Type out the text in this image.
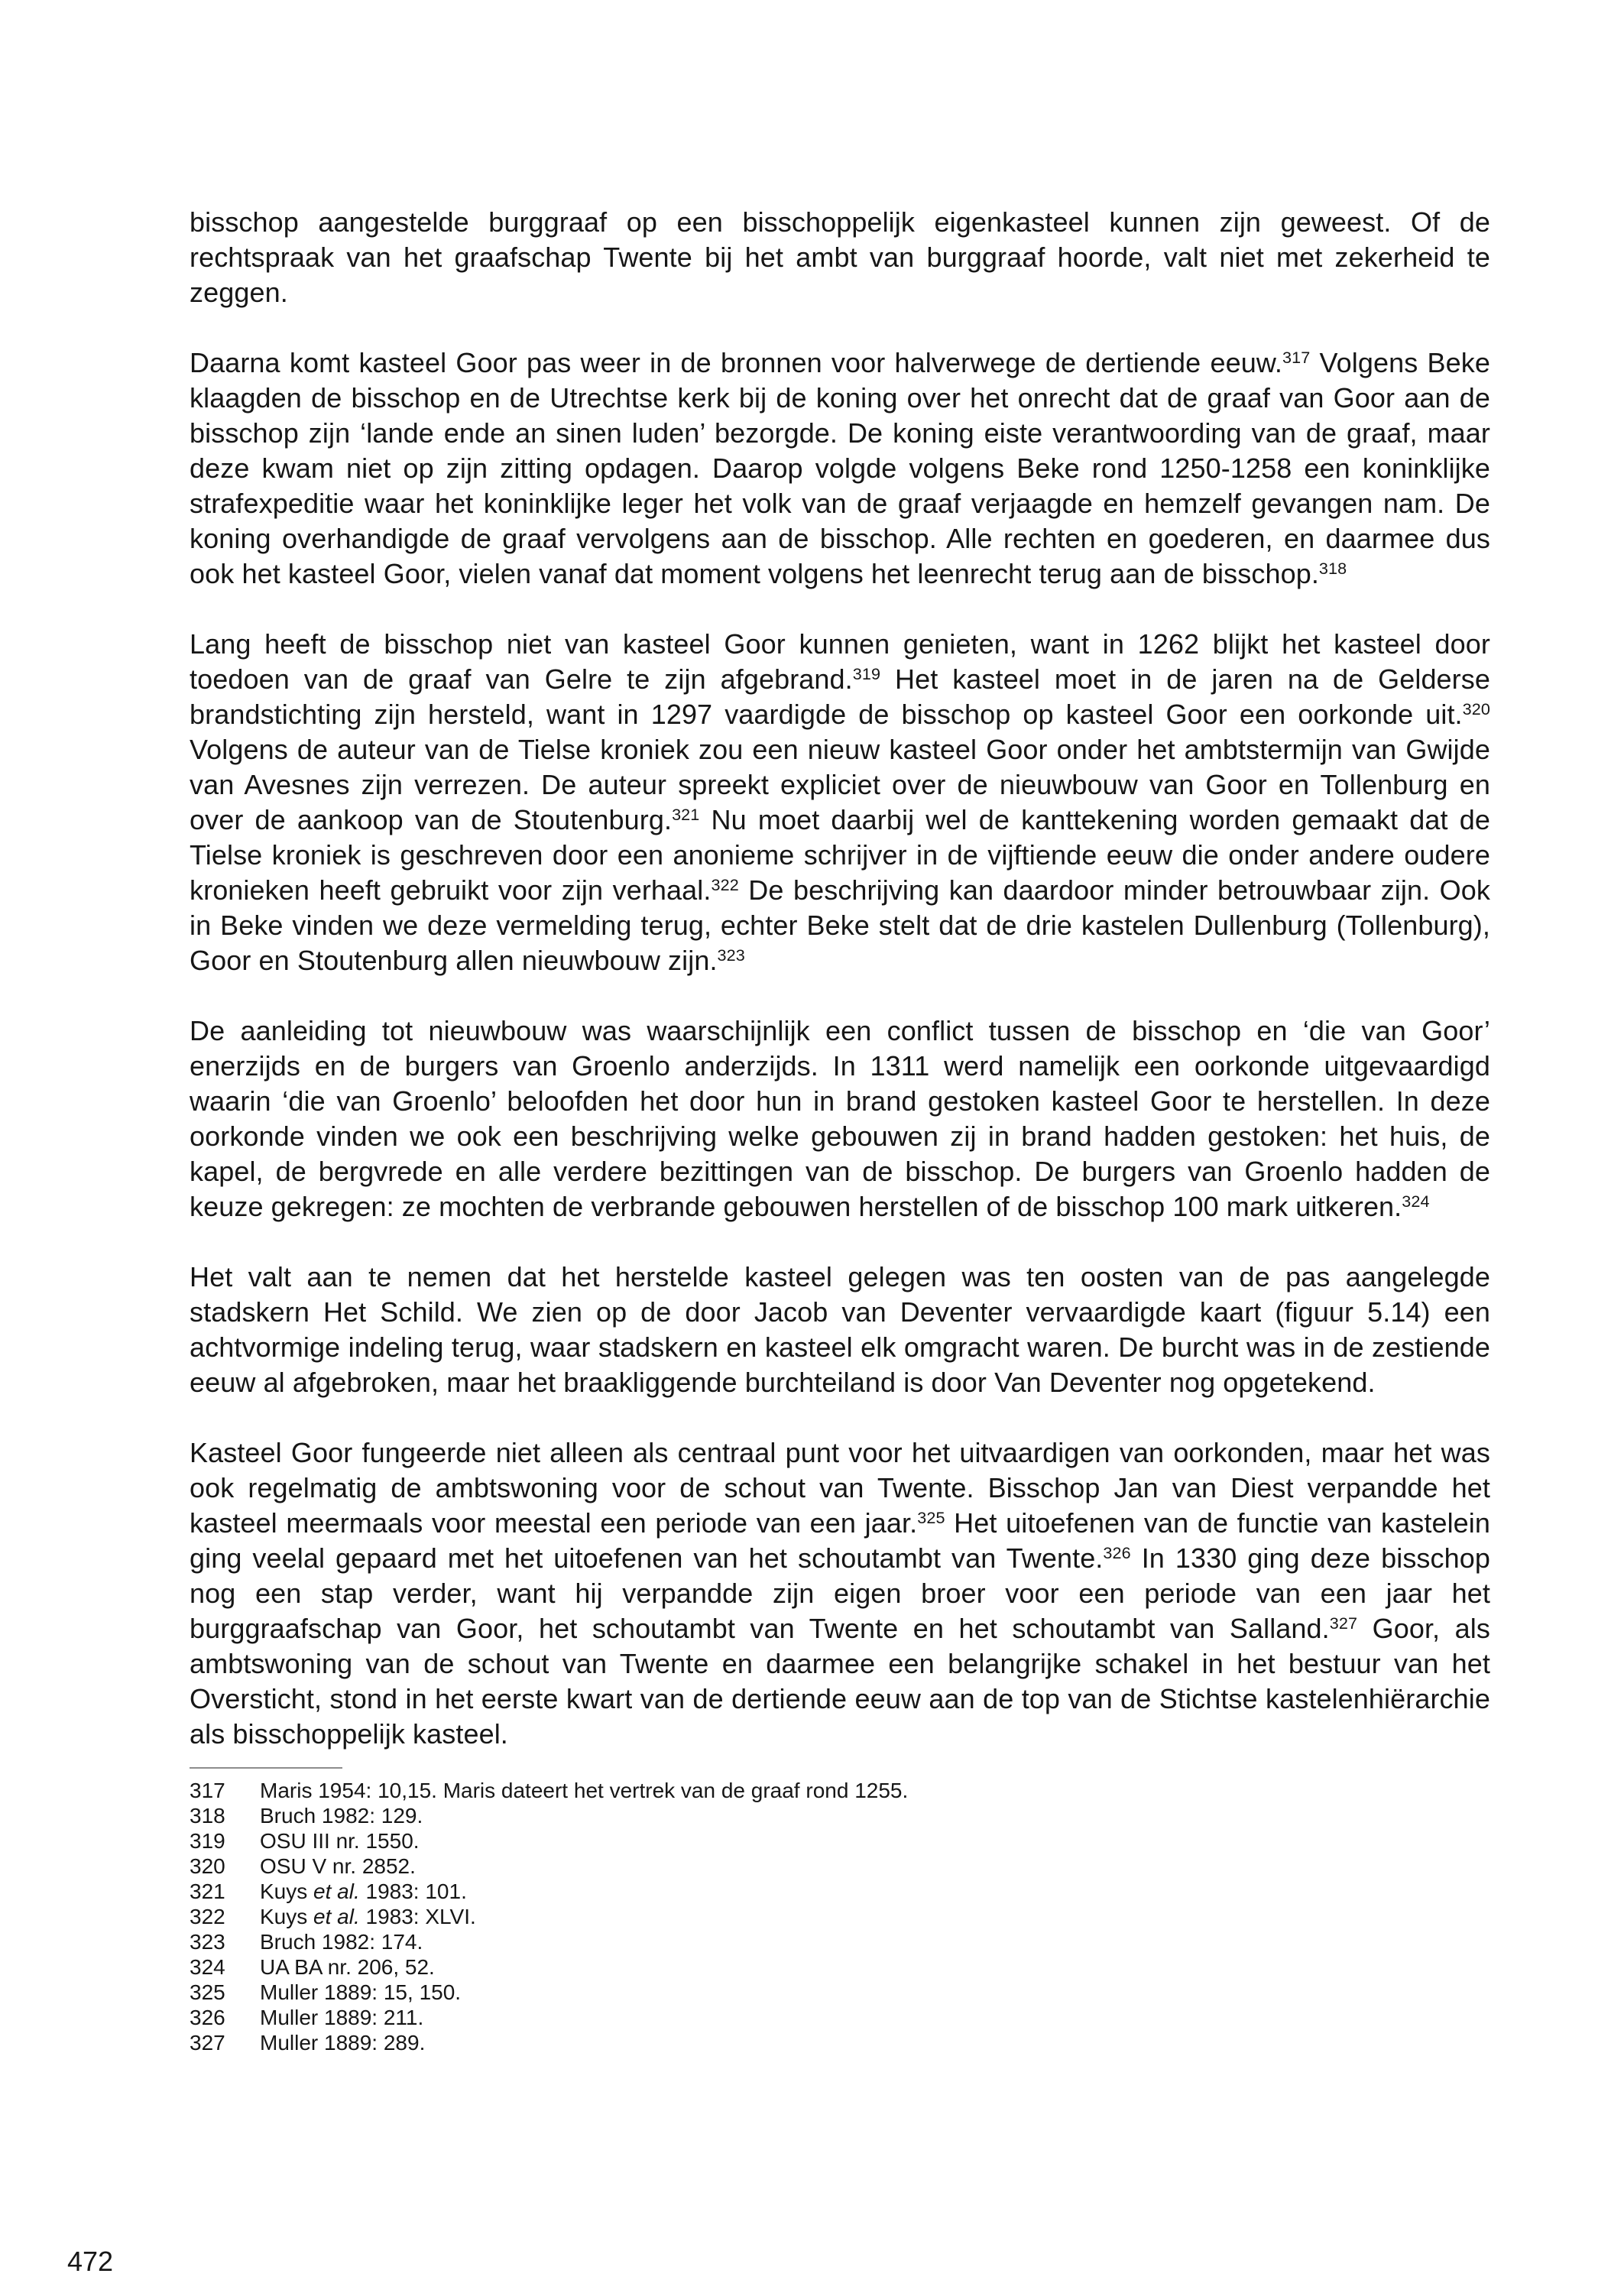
bisschop aangestelde burggraaf op een bisschoppelijk eigenkasteel kunnen zijn geweest. Of de rechtspraak van het graafschap Twente bij het ambt van burggraaf hoorde, valt niet met zekerheid te zeggen.

Daarna komt kasteel Goor pas weer in de bronnen voor halverwege de dertiende eeuw.$^{317}$ Volgens Beke klaagden de bisschop en de Utrechtse kerk bij de koning over het onrecht dat de graaf van Goor aan de bisschop zijn ‘lande ende an sinen luden’ bezorgde. De koning eiste verantwoording van de graaf, maar deze kwam niet op zijn zitting opdagen. Daarop volgde volgens Beke rond 1250-1258 een koninklijke strafexpeditie waar het koninklijke leger het volk van de graaf verjaagde en hemzelf gevangen nam. De koning overhandigde de graaf vervolgens aan de bisschop. Alle rechten en goederen, en daarmee dus ook het kasteel Goor, vielen vanaf dat moment volgens het leenrecht terug aan de bisschop.$^{318}$

Lang heeft de bisschop niet van kasteel Goor kunnen genieten, want in 1262 blijkt het kasteel door toedoen van de graaf van Gelre te zijn afgebrand.$^{319}$ Het kasteel moet in de jaren na de Gelderse brandstichting zijn hersteld, want in 1297 vaardigde de bisschop op kasteel Goor een oorkonde uit.$^{320}$ Volgens de auteur van de Tielse kroniek zou een nieuw kasteel Goor onder het ambtstermijn van Gwijde van Avesnes zijn verrezen. De auteur spreekt expliciet over de nieuwbouw van Goor en Tollenburg en over de aankoop van de Stoutenburg.$^{321}$ Nu moet daarbij wel de kanttekening worden gemaakt dat de Tielse kroniek is geschreven door een anonieme schrijver in de vijftiende eeuw die onder andere oudere kronieken heeft gebruikt voor zijn verhaal.$^{322}$ De beschrijving kan daardoor minder betrouwbaar zijn. Ook in Beke vinden we deze vermelding terug, echter Beke stelt dat de drie kastelen Dullenburg (Tollenburg), Goor en Stoutenburg allen nieuwbouw zijn.$^{323}$

De aanleiding tot nieuwbouw was waarschijnlijk een conflict tussen de bisschop en ‘die van Goor’ enerzijds en de burgers van Groenlo anderzijds. In 1311 werd namelijk een oorkonde uitgevaardigd waarin ‘die van Groenlo’ beloofden het door hun in brand gestoken kasteel Goor te herstellen. In deze oorkonde vinden we ook een beschrijving welke gebouwen zij in brand hadden gestoken: het huis, de kapel, de bergvrede en alle verdere bezittingen van de bisschop. De burgers van Groenlo hadden de keuze gekregen: ze mochten de verbrande gebouwen herstellen of de bisschop 100 mark uitkeren.$^{324}$

Het valt aan te nemen dat het herstelde kasteel gelegen was ten oosten van de pas aangelegde stadskern Het Schild. We zien op de door Jacob van Deventer vervaardigde kaart (figuur 5.14) een achtvormige indeling terug, waar stadskern en kasteel elk omgracht waren. De burcht was in de zestiende eeuw al afgebroken, maar het braakliggende burchteiland is door Van Deventer nog opgetekend.

Kasteel Goor fungeerde niet alleen als centraal punt voor het uitvaardigen van oorkonden, maar het was ook regelmatig de ambtswoning voor de schout van Twente. Bisschop Jan van Diest verpandde het kasteel meermaals voor meestal een periode van een jaar.$^{325}$ Het uitoefenen van de functie van kastelein ging veelal gepaard met het uitoefenen van het schoutambt van Twente.$^{326}$ In 1330 ging deze bisschop nog een stap verder, want hij verpandde zijn eigen broer voor een periode van een jaar het burggraafschap van Goor, het schoutambt van Twente en het schoutambt van Salland.$^{327}$ Goor, als ambtswoning van de schout van Twente en daarmee een belangrijke schakel in het bestuur van het Oversticht, stond in het eerste kwart van de dertiende eeuw aan de top van de Stichtse kastelenhiërarchie als bisschoppelijk kasteel.

317	Maris 1954: 10,15. Maris dateert het vertrek van de graaf rond 1255.
318	Bruch 1982: 129.
319	OSU III nr. 1550.
320	OSU V nr. 2852.
321	Kuys et al. 1983: 101.
322	Kuys et al. 1983: XLVI.
323	Bruch 1982: 174.
324	UA BA nr. 206, 52.
325	Muller 1889: 15, 150.
326	Muller 1889: 211.
327	Muller 1889: 289.
472
